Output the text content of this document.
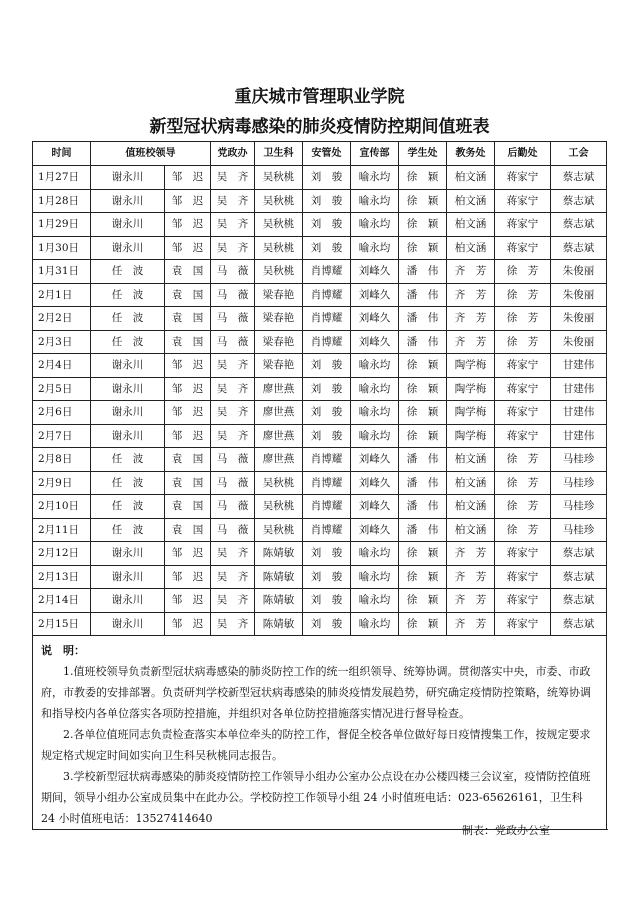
重庆城市管理职业学院
新型冠状病毒感染的肺炎疫情防控期间值班表
时间	值班校领导		党政办	卫生科	安管处	宣传部	学生处	教务处	后勤处	工会	
1月27日	谢永川	邹　迟	吴　齐	吴秋桃	刘　骏	喻永均	徐　颖	柏文涵	蒋家宁	蔡志斌	
1月28日	谢永川	邹　迟	吴　齐	吴秋桃	刘　骏	喻永均	徐　颖	柏文涵	蒋家宁	蔡志斌	
1月29日	谢永川	邹　迟	吴　齐	吴秋桃	刘　骏	喻永均	徐　颖	柏文涵	蒋家宁	蔡志斌	
1月30日	谢永川	邹　迟	吴　齐	吴秋桃	刘　骏	喻永均	徐　颖	柏文涵	蒋家宁	蔡志斌	
1月31日	任　波	袁　国	马　薇	吴秋桃	肖博耀	刘峰久	潘　伟	齐　芳	徐　芳	朱俊丽	
2月1日	任　波	袁　国	马　薇	梁春艳	肖博耀	刘峰久	潘　伟	齐　芳	徐　芳	朱俊丽	
2月2日	任　波	袁　国	马　薇	梁春艳	肖博耀	刘峰久	潘　伟	齐　芳	徐　芳	朱俊丽	
2月3日	任　波	袁　国	马　薇	梁春艳	肖博耀	刘峰久	潘　伟	齐　芳	徐　芳	朱俊丽	
2月4日	谢永川	邹　迟	吴　齐	梁春艳	刘　骏	喻永均	徐　颖	陶学梅	蒋家宁	甘建伟	
2月5日	谢永川	邹　迟	吴　齐	廖世燕	刘　骏	喻永均	徐　颖	陶学梅	蒋家宁	甘建伟	
2月6日	谢永川	邹　迟	吴　齐	廖世燕	刘　骏	喻永均	徐　颖	陶学梅	蒋家宁	甘建伟	
2月7日	谢永川	邹　迟	吴　齐	廖世燕	刘　骏	喻永均	徐　颖	陶学梅	蒋家宁	甘建伟	
2月8日	任　波	袁　国	马　薇	廖世燕	肖博耀	刘峰久	潘　伟	柏文涵	徐　芳	马桂珍	
2月9日	任　波	袁　国	马　薇	吴秋桃	肖博耀	刘峰久	潘　伟	柏文涵	徐　芳	马桂珍	
2月10日	任　波	袁　国	马　薇	吴秋桃	肖博耀	刘峰久	潘　伟	柏文涵	徐　芳	马桂珍	
2月11日	任　波	袁　国	马　薇	吴秋桃	肖博耀	刘峰久	潘　伟	柏文涵	徐　芳	马桂珍	
2月12日	谢永川	邹　迟	吴　齐	陈婧敏	刘　骏	喻永均	徐　颖	齐　芳	蒋家宁	蔡志斌	
2月13日	谢永川	邹　迟	吴　齐	陈婧敏	刘　骏	喻永均	徐　颖	齐　芳	蒋家宁	蔡志斌	
2月14日	谢永川	邹　迟	吴　齐	陈婧敏	刘　骏	喻永均	徐　颖	齐　芳	蒋家宁	蔡志斌	
2月15日	谢永川	邹　迟	吴　齐	陈婧敏	刘　骏	喻永均	徐　颖	齐　芳	蒋家宁	蔡志斌	

说　明：

1.值班校领导负责新型冠状病毒感染的肺炎防控工作的统一组织领导、统筹协调。贯彻落实中央，市委、市政府，市教委的安排部署。负责研判学校新型冠状病毒感染的肺炎疫情发展趋势，研究确定疫情防控策略，统筹协调和指导校内各单位落实各项防控措施，并组织对各单位防控措施落实情况进行督导检查。

2.各单位值班同志负责检查落实本单位牵头的防控工作，督促全校各单位做好每日疫情搜集工作，按规定要求规定格式规定时间如实向卫生科吴秋桃同志报告。

3.学校新型冠状病毒感染的肺炎疫情防控工作领导小组办公室办公点设在办公楼四楼三会议室，疫情防控值班期间，领导小组办公室成员集中在此办公。学校防控工作领导小组 24 小时值班电话：023-65626161，卫生科 24 小时值班电话：13527414640											

制表：党政办公室
